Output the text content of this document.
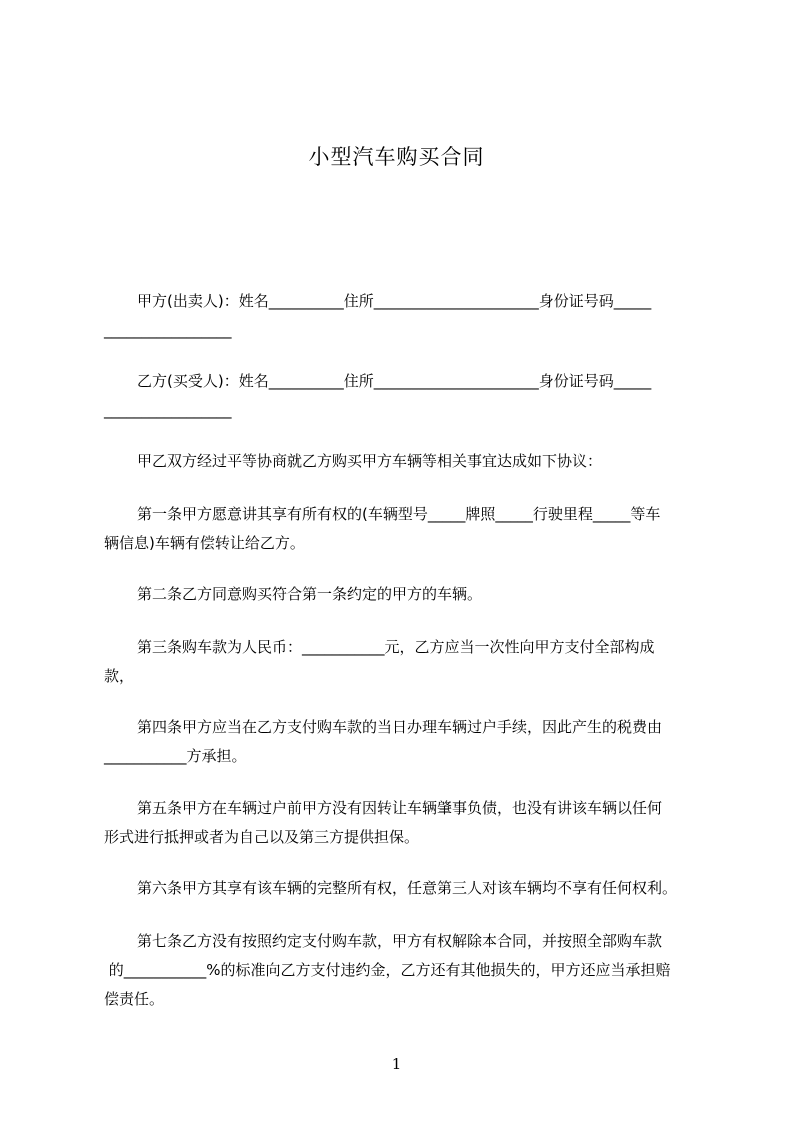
小型汽车购买合同
甲方(出卖人)：姓名__________住所______________________身份证号码_____
_________________
乙方(买受人)：姓名__________住所______________________身份证号码_____
_________________
甲乙双方经过平等协商就乙方购买甲方车辆等相关事宜达成如下协议：
第一条甲方愿意讲其享有所有权的(车辆型号_____牌照_____行驶里程_____等车
辆信息)车辆有偿转让给乙方。
第二条乙方同意购买符合第一条约定的甲方的车辆。
第三条购车款为人民币：___________元，乙方应当一次性向甲方支付全部构成
款，
第四条甲方应当在乙方支付购车款的当日办理车辆过户手续，因此产生的税费由
___________方承担。
第五条甲方在车辆过户前甲方没有因转让车辆肇事负债，也没有讲该车辆以任何
形式进行抵押或者为自己以及第三方提供担保。
第六条甲方其享有该车辆的完整所有权，任意第三人对该车辆均不享有任何权利。
第七条乙方没有按照约定支付购车款，甲方有权解除本合同，并按照全部购车款
的___________%的标准向乙方支付违约金，乙方还有其他损失的，甲方还应当承担赔
偿责任。
1
